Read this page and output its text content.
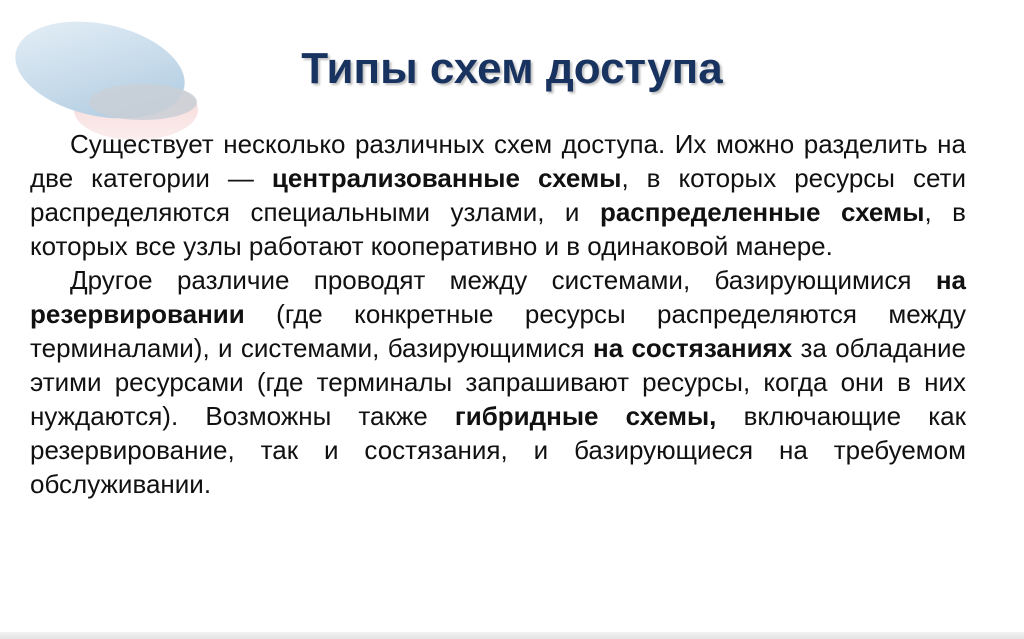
Типы схем доступа

Существует несколько различных схем доступа. Их можно разделить на две категории — централизованные схемы, в которых ресурсы сети распределяются специальными узлами, и распределенные схемы, в которых все узлы работают кооперативно и в одинаковой манере.

Другое различие проводят между системами, базирующимися на резервировании (где конкретные ресурсы распределяются между терминалами), и системами, базирующимися на состязаниях за обладание этими ресурсами (где терминалы запрашивают ресурсы, когда они в них нуждаются). Возможны также гибридные схемы, включающие как резервирование, так и состязания, и базирующиеся на требуемом обслуживании.
